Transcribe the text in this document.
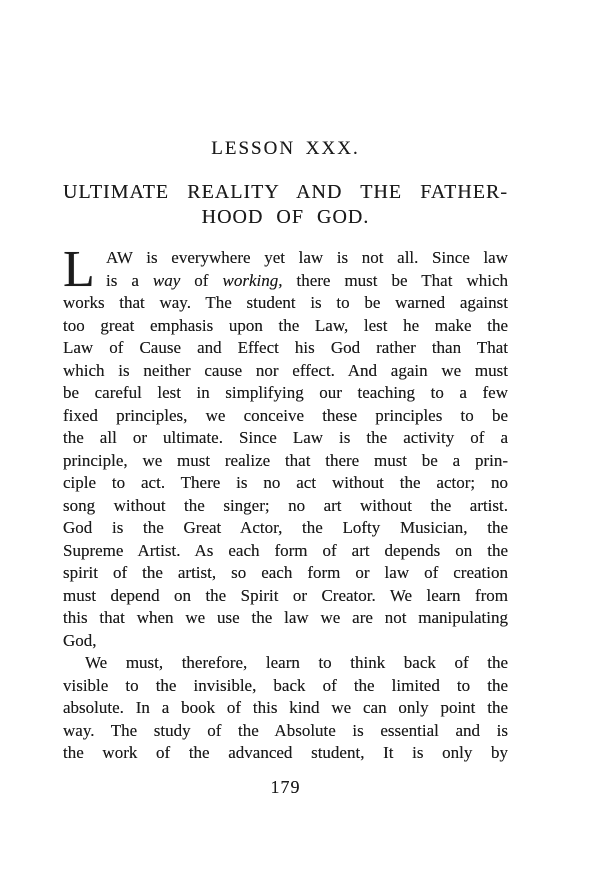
LESSON XXX.
ULTIMATE REALITY AND THE FATHER-
HOOD OF GOD.
L AW is everywhere yet law is not all. Since law
is a way of working, there must be That which
works that way. The student is to be warned against
too great emphasis upon the Law, lest he make the
Law of Cause and Effect his God rather than That
which is neither cause nor effect. And again we must
be careful lest in simplifying our teaching to a few
fixed principles, we conceive these principles to be
the all or ultimate. Since Law is the activity of a
principle, we must realize that there must be a prin-
ciple to act. There is no act without the actor; no
song without the singer; no art without the artist.
God is the Great Actor, the Lofty Musician, the
Supreme Artist. As each form of art depends on the
spirit of the artist, so each form or law of creation
must depend on the Spirit or Creator. We learn from
this that when we use the law we are not manipulating
God,
We must, therefore, learn to think back of the
visible to the invisible, back of the limited to the
absolute. In a book of this kind we can only point the
way. The study of the Absolute is essential and is
the work of the advanced student, It is only by
179
